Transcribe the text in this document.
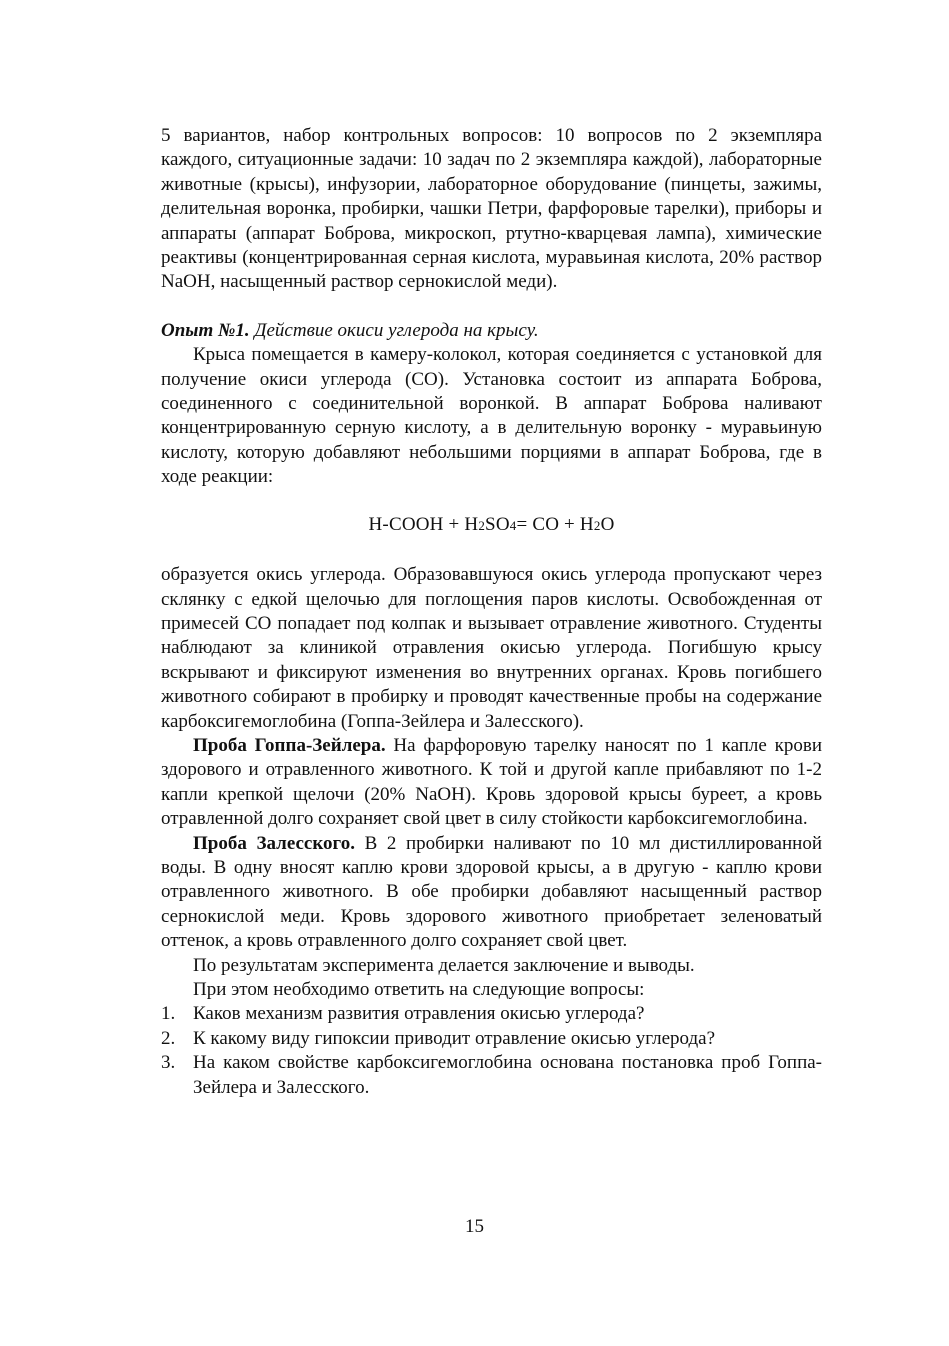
5 вариантов, набор контрольных вопросов: 10 вопросов по 2 экземпляра каждого, ситуационные задачи: 10 задач по 2 экземпляра каждой), лабораторные животные (крысы), инфузории, лабораторное оборудование (пинцеты, зажимы, делительная воронка, пробирки, чашки Петри, фарфоровые тарелки), приборы и аппараты (аппарат Боброва, микроскоп, ртутно-кварцевая лампа), химические реактивы (концентрированная серная кислота, муравьиная кислота, 20% раствор NaOH, насыщенный раствор сернокислой меди).

Опыт №1. Действие окиси углерода на крысу.

Крыса помещается в камеру-колокол, которая соединяется с установкой для получение окиси углерода (СО). Установка состоит из аппарата Боброва, соединенного с соединительной воронкой. В аппарат Боброва наливают концентрированную серную кислоту, а в делительную воронку - муравьиную кислоту, которую добавляют небольшими порциями в аппарат Боброва, где в ходе реакции:

H-COOH + H2SO4= CO + H2O

образуется окись углерода. Образовавшуюся окись углерода пропускают через склянку с едкой щелочью для поглощения паров кислоты. Освобожденная от примесей СО попадает под колпак и вызывает отравление животного. Студенты наблюдают за клиникой отравления окисью углерода. Погибшую крысу вскрывают и фиксируют изменения во внутренних органах. Кровь погибшего животного собирают в пробирку и проводят качественные пробы на содержание карбоксигемоглобина (Гоппа-Зейлера и Залесского).

Проба Гоппа-Зейлера. На фарфоровую тарелку наносят по 1 капле крови здорового и отравленного животного. К той и другой капле прибавляют по 1-2 капли крепкой щелочи (20% NaOH). Кровь здоровой крысы буреет, а кровь отравленной долго сохраняет свой цвет в силу стойкости карбоксигемоглобина.

Проба Залесского. В 2 пробирки наливают по 10 мл дистиллированной воды. В одну вносят каплю крови здоровой крысы, а в другую - каплю крови отравленного животного. В обе пробирки добавляют насыщенный раствор сернокислой меди. Кровь здорового животного приобретает зеленоватый оттенок, а кровь отравленного долго сохраняет свой цвет.

По результатам эксперимента делается заключение и выводы.

При этом необходимо ответить на следующие вопросы:

1. Каков механизм развития отравления окисью углерода?
2. К какому виду гипоксии приводит отравление окисью углерода?
3. На каком свойстве карбоксигемоглобина основана постановка проб Гоппа-Зейлера и Залесского.
15
